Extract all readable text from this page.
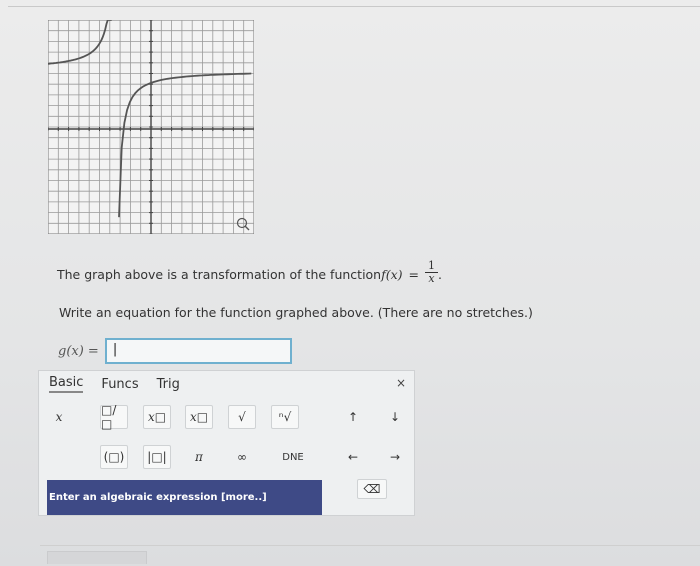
The graph above is a transformation of the function $f(x) = \frac{1}{x}$ .
Write an equation for the function graphed above. (There are no stretches.)
g(x) =	|
Basic Funcs Trig	×
x	□/□	x□	x□	√	ⁿ√	↑	↓
(□)	|□|	π	∞	DNE	←	→
⌫
Enter an algebraic expression [more..]
